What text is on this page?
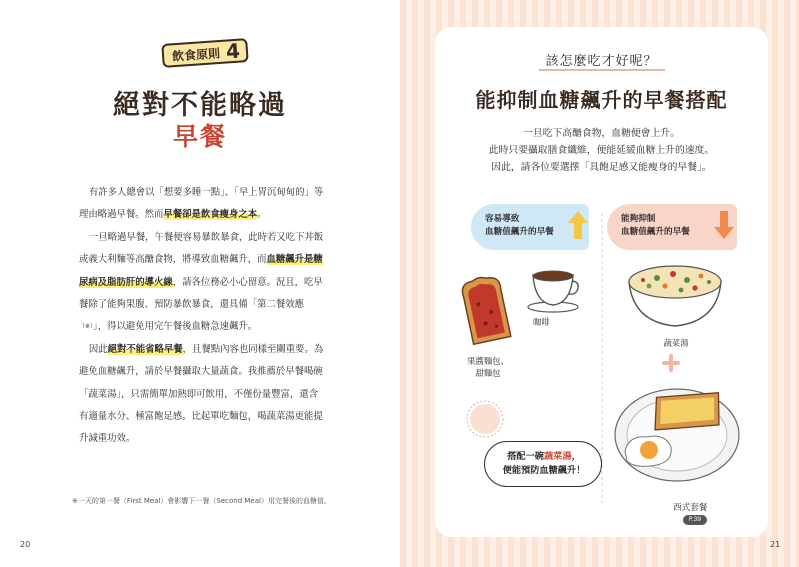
飲食原則 4
絕對不能略過
早餐

有許多人總會以「想要多睡一點」、「早上胃沉甸甸的」等理由略過早餐。然而早餐卻是飲食瘦身之本。

一旦略過早餐，午餐便容易暴飲暴食，此時若又吃下丼飯或義大利麵等高醣食物，將導致血糖飆升，而血糖飆升是糖尿病及脂肪肝的導火線，請各位務必小心留意。況且，吃早餐除了能夠果腹、預防暴飲暴食，還具備「第二餐效應（※）」，得以避免用完午餐後血糖急速飆升。

因此絕對不能省略早餐，且餐點內容也同樣至關重要。為避免血糖飆升，請於早餐攝取大量蔬食。我推薦於早餐喝碗「蔬菜湯」，只需簡單加熱即可飲用，不僅份量豐富，還含有適量水分、極富飽足感。比起單吃麵包，喝蔬菜湯更能提升減重功效。

※一天的第一餐（First Meal）會影響下一餐（Second Meal）用完餐後的血糖值。
20
該怎麼吃才好呢？
能抑制血糖飆升的早餐搭配
一旦吃下高醣食物，血糖便會上升。
此時只要攝取膳食纖維，便能延緩血糖上升的速度。
因此，請各位要選擇「具飽足感又能瘦身的早餐」。
容易導致
血糖值飆升的早餐
能夠抑制
血糖值飆升的早餐
咖啡
果醬麵包、
甜麵包
搭配一碗蔬菜湯，
便能預防血糖飆升！
蔬菜湯
西式套餐
P.39
21
